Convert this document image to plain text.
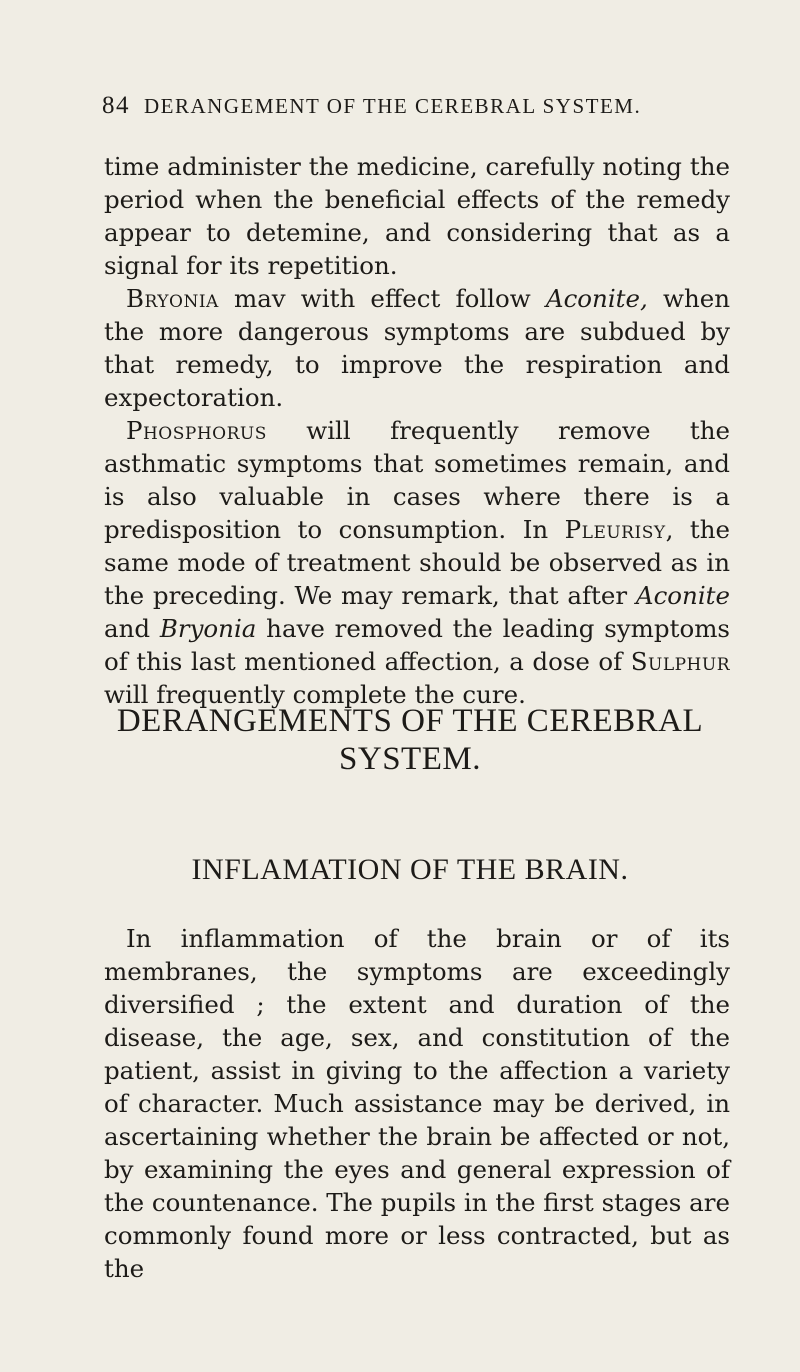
84 DERANGEMENT OF THE CEREBRAL SYSTEM.

time administer the medicine, carefully noting the period when the beneficial effects of the remedy appear to detemine, and considering that as a signal for its repetition.

Bryonia mav with effect follow Aconite, when the more dangerous symptoms are subdued by that remedy, to improve the respiration and expectoration.

Phosphorus will frequently remove the asthmatic symptoms that sometimes remain, and is also valuable in cases where there is a predisposition to consumption. In Pleurisy, the same mode of treatment should be observed as in the preceding. We may remark, that after Aconite and Bryonia have removed the leading symptoms of this last mentioned affection, a dose of Sulphur will frequently complete the cure.

DERANGEMENTS OF THE CEREBRAL
SYSTEM.
INFLAMATION OF THE BRAIN.

In inflammation of the brain or of its membranes, the symptoms are exceedingly diversified ; the extent and duration of the disease, the age, sex, and constitution of the patient, assist in giving to the affection a variety of character. Much assistance may be derived, in ascertaining whether the brain be affected or not, by examining the eyes and general expression of the countenance. The pupils in the first stages are commonly found more or less contracted, but as the
